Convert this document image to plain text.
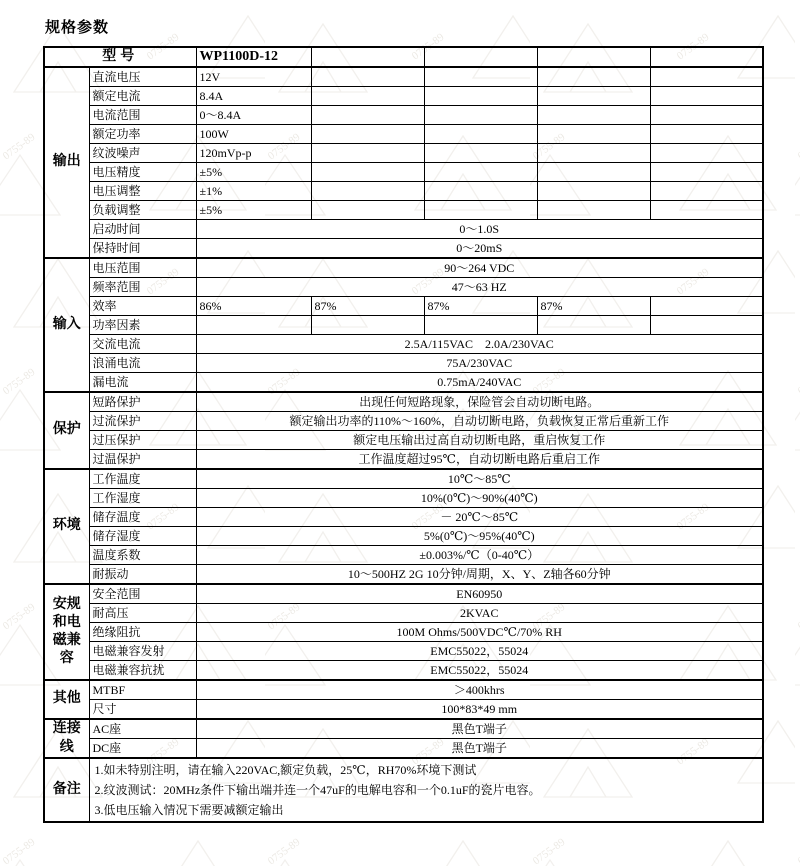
规格参数
型号		WP1100D-12				
输出	直流电压	12V				
	额定电流	8.4A				
	电流范围	0～8.4A				
	额定功率	100W				
	纹波噪声	120mVp-p				
	电压精度	±5%				
	电压调整	±1%				
	负载调整	±5%				
	启动时间	0～1.0S				
	保持时间	0～20mS				
输入	电压范围	90～264 VDC				
	频率范围	47～63 HZ				
	效率	86%	87%	87%	87%	
	功率因素					
	交流电流	2.5A/115VAC　2.0A/230VAC				
	浪涌电流	75A/230VAC				
	漏电流	0.75mA/240VAC				
保护	短路保护	出现任何短路现象，保险管会自动切断电路。				
	过流保护	额定输出功率的110%～160%，自动切断电路，负载恢复正常后重新工作				
	过压保护	额定电压输出过高自动切断电路，重启恢复工作				
	过温保护	工作温度超过95℃，自动切断电路后重启工作				
环境	工作温度	10℃～85℃				
	工作湿度	10%(0℃)～90%(40℃)				
	储存温度	－ 20℃～85℃				
	储存湿度	5%(0℃)～95%(40℃)				
	温度系数	±0.003%/℃（0-40℃）				
	耐振动	10～500HZ 2G 10分钟/周期，X、Y、Z轴各60分钟				
安规和电磁兼容	安全范围	EN60950				
	耐高压	2KVAC				
	绝缘阻抗	100M Ohms/500VDC℃/70% RH				
	电磁兼容发射	EMC55022，55024				
	电磁兼容抗扰	EMC55022，55024				
其他	MTBF	＞400khrs				
	尺寸	100*83*49 mm				
连接线	AC座	黑色T端子				
	DC座	黑色T端子				
备注	1.如未特别注明，请在输入220VAC,额定负载，25℃，RH70%环境下测试
2.纹波测试：20MHz条件下输出端并连一个47uF的电解电容和一个0.1uF的瓷片电容。
3.低电压输入情况下需要减额定输出					
